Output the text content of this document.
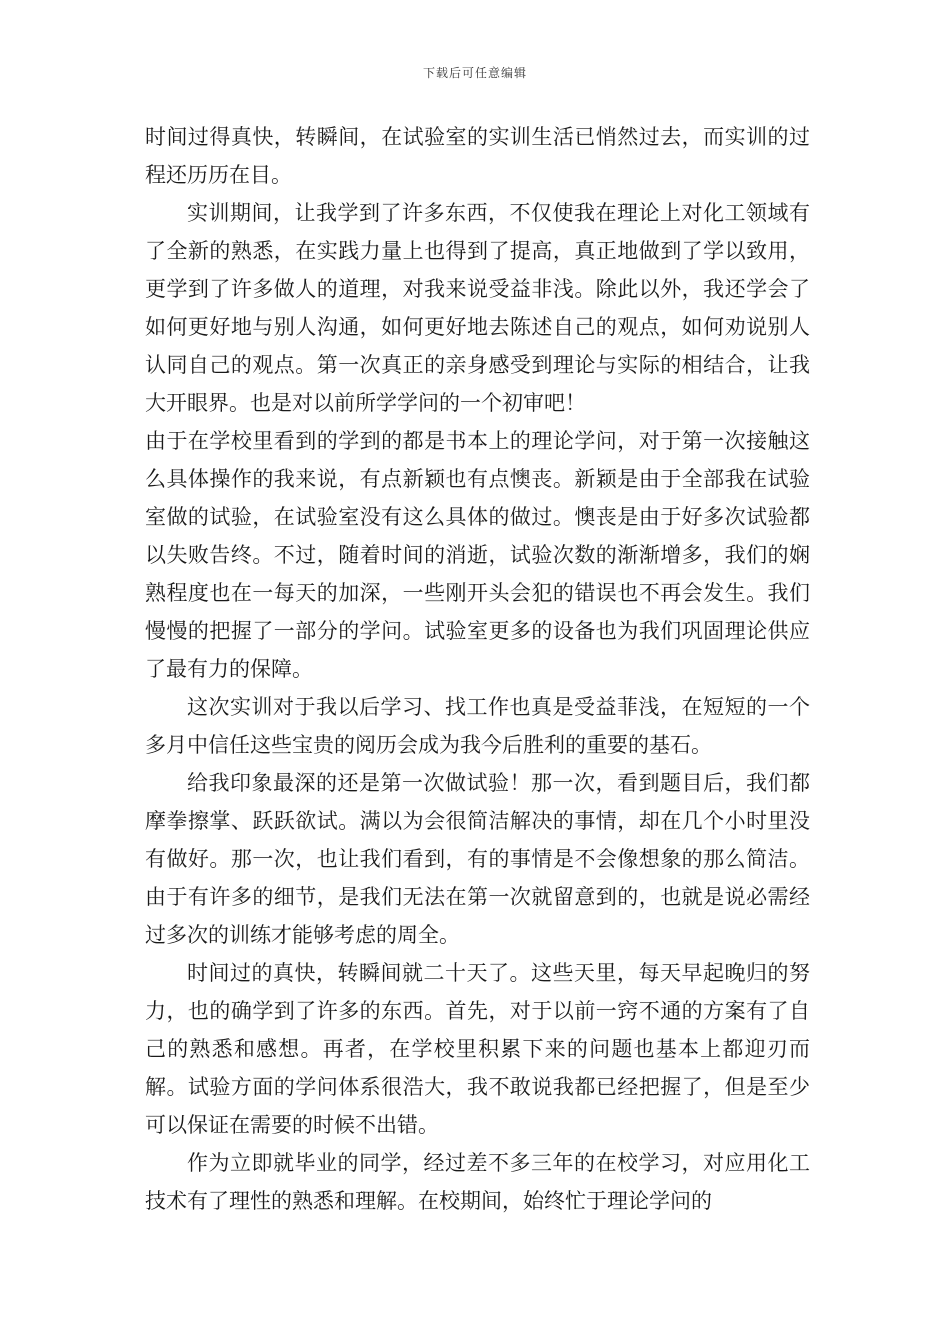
下载后可任意编辑

时间过得真快，转瞬间，在试验室的实训生活已悄然过去，而实训的过程还历历在目。

实训期间，让我学到了许多东西，不仅使我在理论上对化工领域有了全新的熟悉，在实践力量上也得到了提高，真正地做到了学以致用，更学到了许多做人的道理，对我来说受益非浅。除此以外，我还学会了如何更好地与别人沟通，如何更好地去陈述自己的观点，如何劝说别人认同自己的观点。第一次真正的亲身感受到理论与实际的相结合，让我大开眼界。也是对以前所学学问的一个初审吧！

由于在学校里看到的学到的都是书本上的理论学问，对于第一次接触这么具体操作的我来说，有点新颖也有点懊丧。新颖是由于全部我在试验室做的试验，在试验室没有这么具体的做过。懊丧是由于好多次试验都以失败告终。不过，随着时间的消逝，试验次数的渐渐增多，我们的娴熟程度也在一每天的加深，一些刚开头会犯的错误也不再会发生。我们慢慢的把握了一部分的学问。试验室更多的设备也为我们巩固理论供应了最有力的保障。

这次实训对于我以后学习、找工作也真是受益菲浅，在短短的一个多月中信任这些宝贵的阅历会成为我今后胜利的重要的基石。

给我印象最深的还是第一次做试验！那一次，看到题目后，我们都摩拳擦掌、跃跃欲试。满以为会很简洁解决的事情，却在几个小时里没有做好。那一次，也让我们看到，有的事情是不会像想象的那么简洁。由于有许多的细节，是我们无法在第一次就留意到的，也就是说必需经过多次的训练才能够考虑的周全。

时间过的真快，转瞬间就二十天了。这些天里，每天早起晚归的努力，也的确学到了许多的东西。首先，对于以前一窍不通的方案有了自己的熟悉和感想。再者，在学校里积累下来的问题也基本上都迎刃而解。试验方面的学问体系很浩大，我不敢说我都已经把握了，但是至少可以保证在需要的时候不出错。

作为立即就毕业的同学，经过差不多三年的在校学习，对应用化工技术有了理性的熟悉和理解。在校期间，始终忙于理论学问的
